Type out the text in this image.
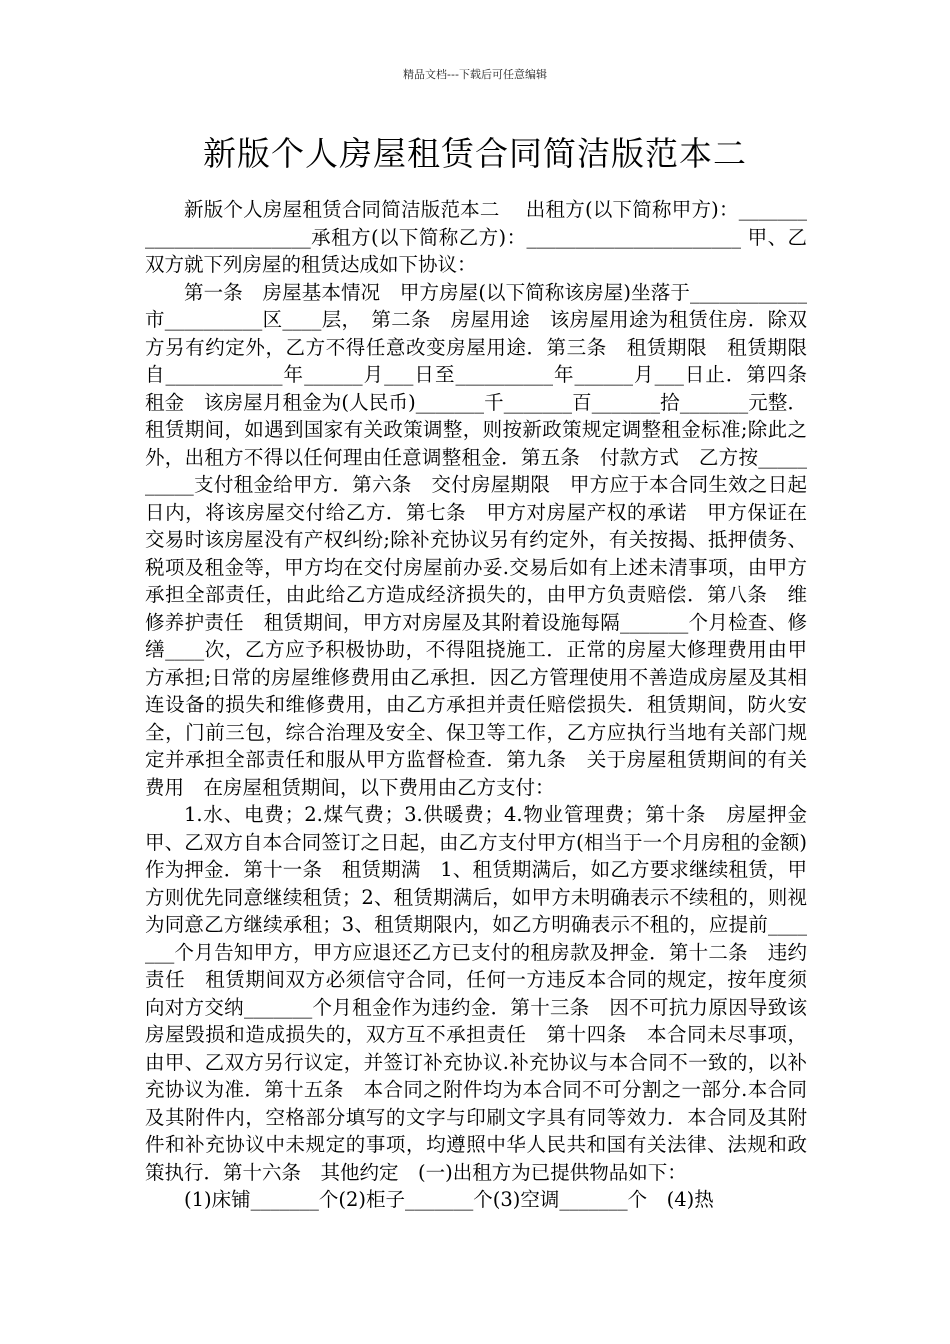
精品文档---下载后可任意编辑
新版个人房屋租赁合同简洁版范本二

新版个人房屋租赁合同简洁版范本二　 出租方(以下简称甲方)：________________________承租方(以下简称乙方)：______________________ 甲、乙双方就下列房屋的租赁达成如下协议：

第一条　房屋基本情况　甲方房屋(以下简称该房屋)坐落于____________市__________区____层，　第二条　房屋用途　该房屋用途为租赁住房．除双方另有约定外，乙方不得任意改变房屋用途．第三条　租赁期限　租赁期限自____________年______月___日至__________年______月___日止．第四条　租金　该房屋月租金为(人民币)_______千_______百_______拾_______元整．租赁期间，如遇到国家有关政策调整，则按新政策规定调整租金标准;除此之外，出租方不得以任何理由任意调整租金．第五条　付款方式　乙方按__________支付租金给甲方．第六条　交付房屋期限　甲方应于本合同生效之日起日内，将该房屋交付给乙方．第七条　甲方对房屋产权的承诺　甲方保证在交易时该房屋没有产权纠纷;除补充协议另有约定外，有关按揭、抵押债务、税项及租金等，甲方均在交付房屋前办妥.交易后如有上述未清事项，由甲方承担全部责任，由此给乙方造成经济损失的，由甲方负责赔偿．第八条　维修养护责任　租赁期间，甲方对房屋及其附着设施每隔_______个月检查、修缮____次，乙方应予积极协助，不得阻挠施工．正常的房屋大修理费用由甲方承担;日常的房屋维修费用由乙承担．因乙方管理使用不善造成房屋及其相连设备的损失和维修费用，由乙方承担并责任赔偿损失．租赁期间，防火安全，门前三包，综合治理及安全、保卫等工作，乙方应执行当地有关部门规定并承担全部责任和服从甲方监督检查．第九条　关于房屋租赁期间的有关费用　在房屋租赁期间，以下费用由乙方支付：

1.水、电费；2.煤气费；3.供暖费；4.物业管理费；第十条　房屋押金　甲、乙双方自本合同签订之日起，由乙方支付甲方(相当于一个月房租的金额)作为押金．第十一条　租赁期满　1、租赁期满后，如乙方要求继续租赁，甲方则优先同意继续租赁；2、租赁期满后，如甲方未明确表示不续租的，则视为同意乙方继续承租；3、租赁期限内，如乙方明确表示不租的，应提前_______个月告知甲方，甲方应退还乙方已支付的租房款及押金．第十二条　违约责任　租赁期间双方必须信守合同，任何一方违反本合同的规定，按年度须向对方交纳_______个月租金作为违约金．第十三条　因不可抗力原因导致该房屋毁损和造成损失的，双方互不承担责任　第十四条　本合同未尽事项，由甲、乙双方另行议定，并签订补充协议.补充协议与本合同不一致的，以补充协议为准．第十五条　本合同之附件均为本合同不可分割之一部分.本合同及其附件内，空格部分填写的文字与印刷文字具有同等效力．本合同及其附件和补充协议中未规定的事项，均遵照中华人民共和国有关法律、法规和政策执行．第十六条　其他约定　(一)出租方为已提供物品如下：

(1)床铺_______个(2)柜子_______个(3)空调_______个　(4)热
